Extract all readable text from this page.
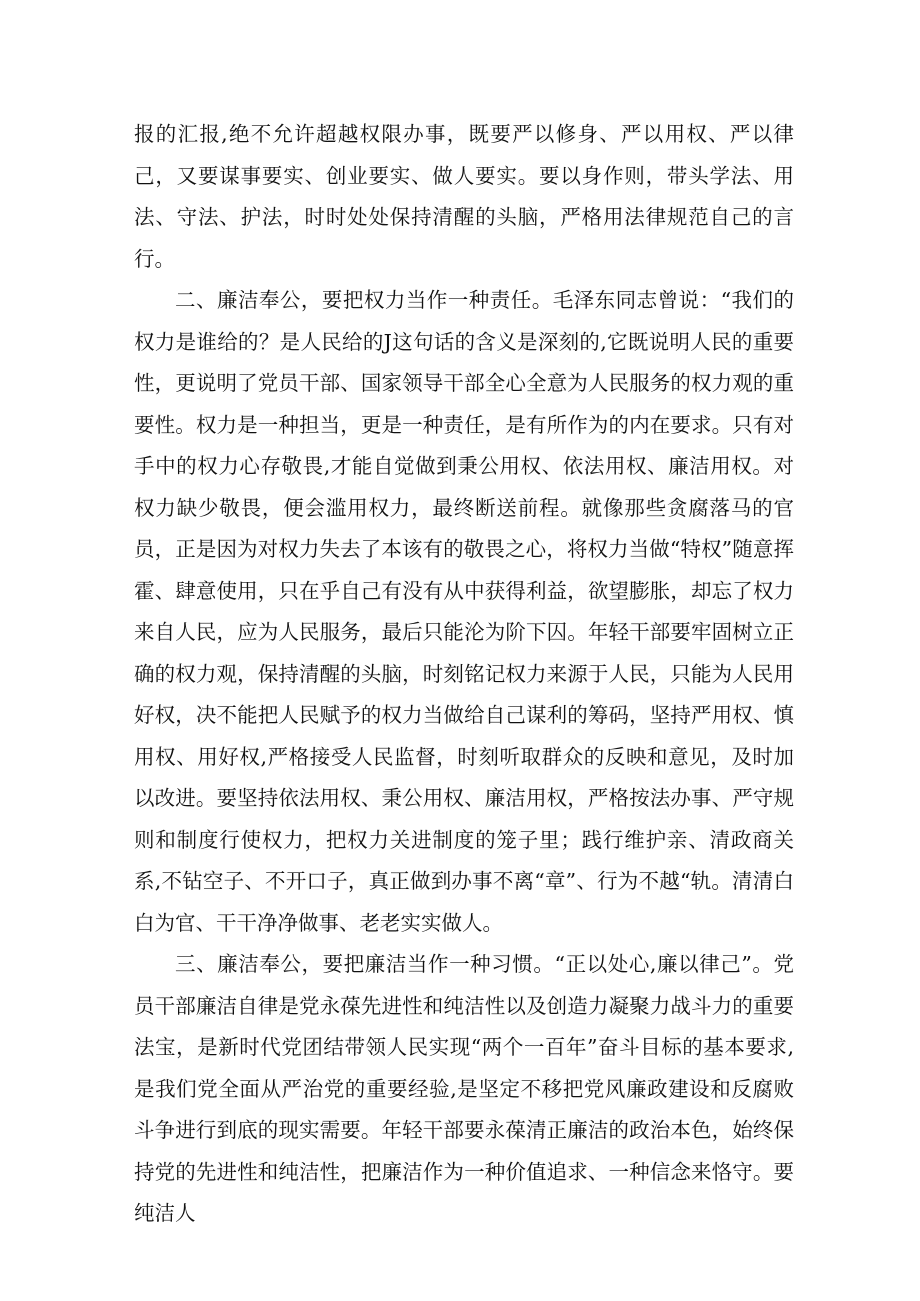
报的汇报,绝不允许超越权限办事，既要严以修身、严以用权、严以律己，又要谋事要实、创业要实、做人要实。要以身作则，带头学法、用法、守法、护法，时时处处保持清醒的头脑，严格用法律规范自己的言行。

二、廉洁奉公，要把权力当作一种责任。毛泽东同志曾说：“我们的权力是谁给的？是人民给的J这句话的含义是深刻的,它既说明人民的重要性，更说明了党员干部、国家领导干部全心全意为人民服务的权力观的重要性。权力是一种担当，更是一种责任，是有所作为的内在要求。只有对手中的权力心存敬畏,才能自觉做到秉公用权、依法用权、廉洁用权。对权力缺少敬畏，便会滥用权力，最终断送前程。就像那些贪腐落马的官员，正是因为对权力失去了本该有的敬畏之心，将权力当做“特权”随意挥霍、肆意使用，只在乎自己有没有从中获得利益，欲望膨胀，却忘了权力来自人民，应为人民服务，最后只能沦为阶下囚。年轻干部要牢固树立正确的权力观，保持清醒的头脑，时刻铭记权力来源于人民，只能为人民用好权，决不能把人民赋予的权力当做给自己谋利的筹码，坚持严用权、慎用权、用好权,严格接受人民监督，时刻听取群众的反映和意见，及时加以改进。要坚持依法用权、秉公用权、廉洁用权，严格按法办事、严守规则和制度行使权力，把权力关进制度的笼子里；践行维护亲、清政商关系,不钻空子、不开口子，真正做到办事不离“章”、行为不越“轨。清清白白为官、干干净净做事、老老实实做人。

三、廉洁奉公，要把廉洁当作一种习惯。“正以处心,廉以律己”。党员干部廉洁自律是党永葆先进性和纯洁性以及创造力凝聚力战斗力的重要法宝，是新时代党团结带领人民实现“两个一百年”奋斗目标的基本要求,是我们党全面从严治党的重要经验,是坚定不移把党风廉政建设和反腐败斗争进行到底的现实需要。年轻干部要永葆清正廉洁的政治本色，始终保持党的先进性和纯洁性，把廉洁作为一种价值追求、一种信念来恪守。要纯洁人
